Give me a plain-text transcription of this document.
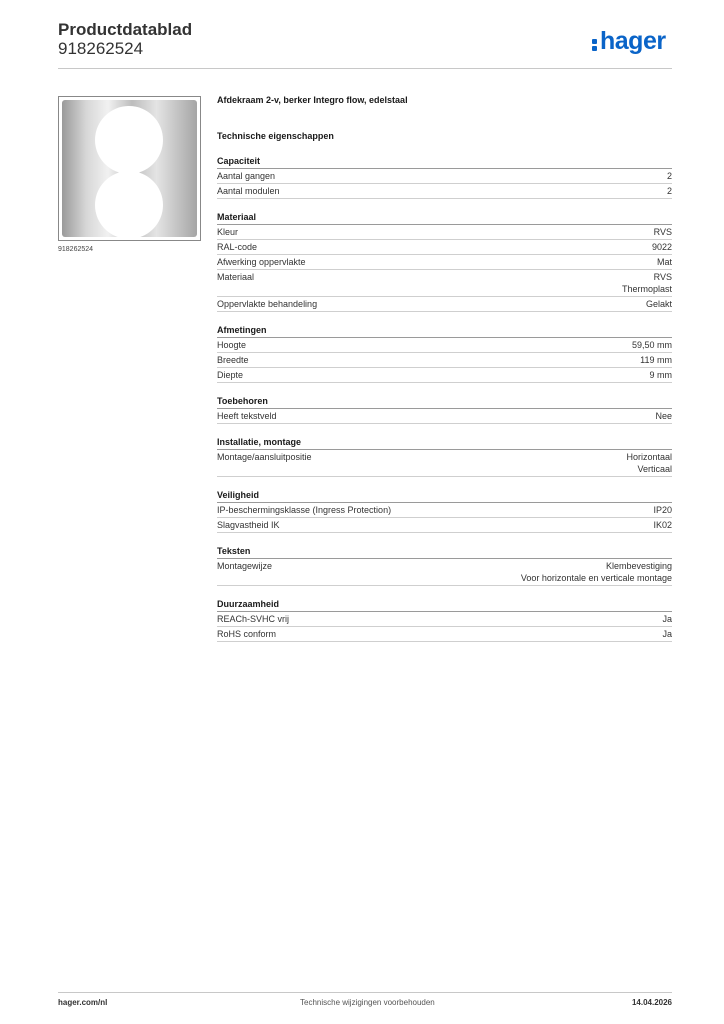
Productdatablad
918262524	hager
918262524
Afdekraam 2-v, berker Integro flow, edelstaal
Technische eigenschappen
Capaciteit
Aantal gangen	2
Aantal modulen	2
Materiaal
Kleur	RVS
RAL-code	9022
Afwerking oppervlakte	Mat
Materiaal	RVS
Thermoplast
Oppervlakte behandeling	Gelakt
Afmetingen
Hoogte	59,50 mm
Breedte	119 mm
Diepte	9 mm
Toebehoren
Heeft tekstveld	Nee
Installatie, montage
Montage/aansluitpositie	Horizontaal
Verticaal
Veiligheid
IP-beschermingsklasse (Ingress Protection)	IP20
Slagvastheid IK	IK02
Teksten
Montagewijze	Klembevestiging
Voor horizontale en verticale montage
Duurzaamheid
REACh-SVHC vrij	Ja
RoHS conform	Ja
hager.com/nl	Technische wijzigingen voorbehouden	14.04.2026
